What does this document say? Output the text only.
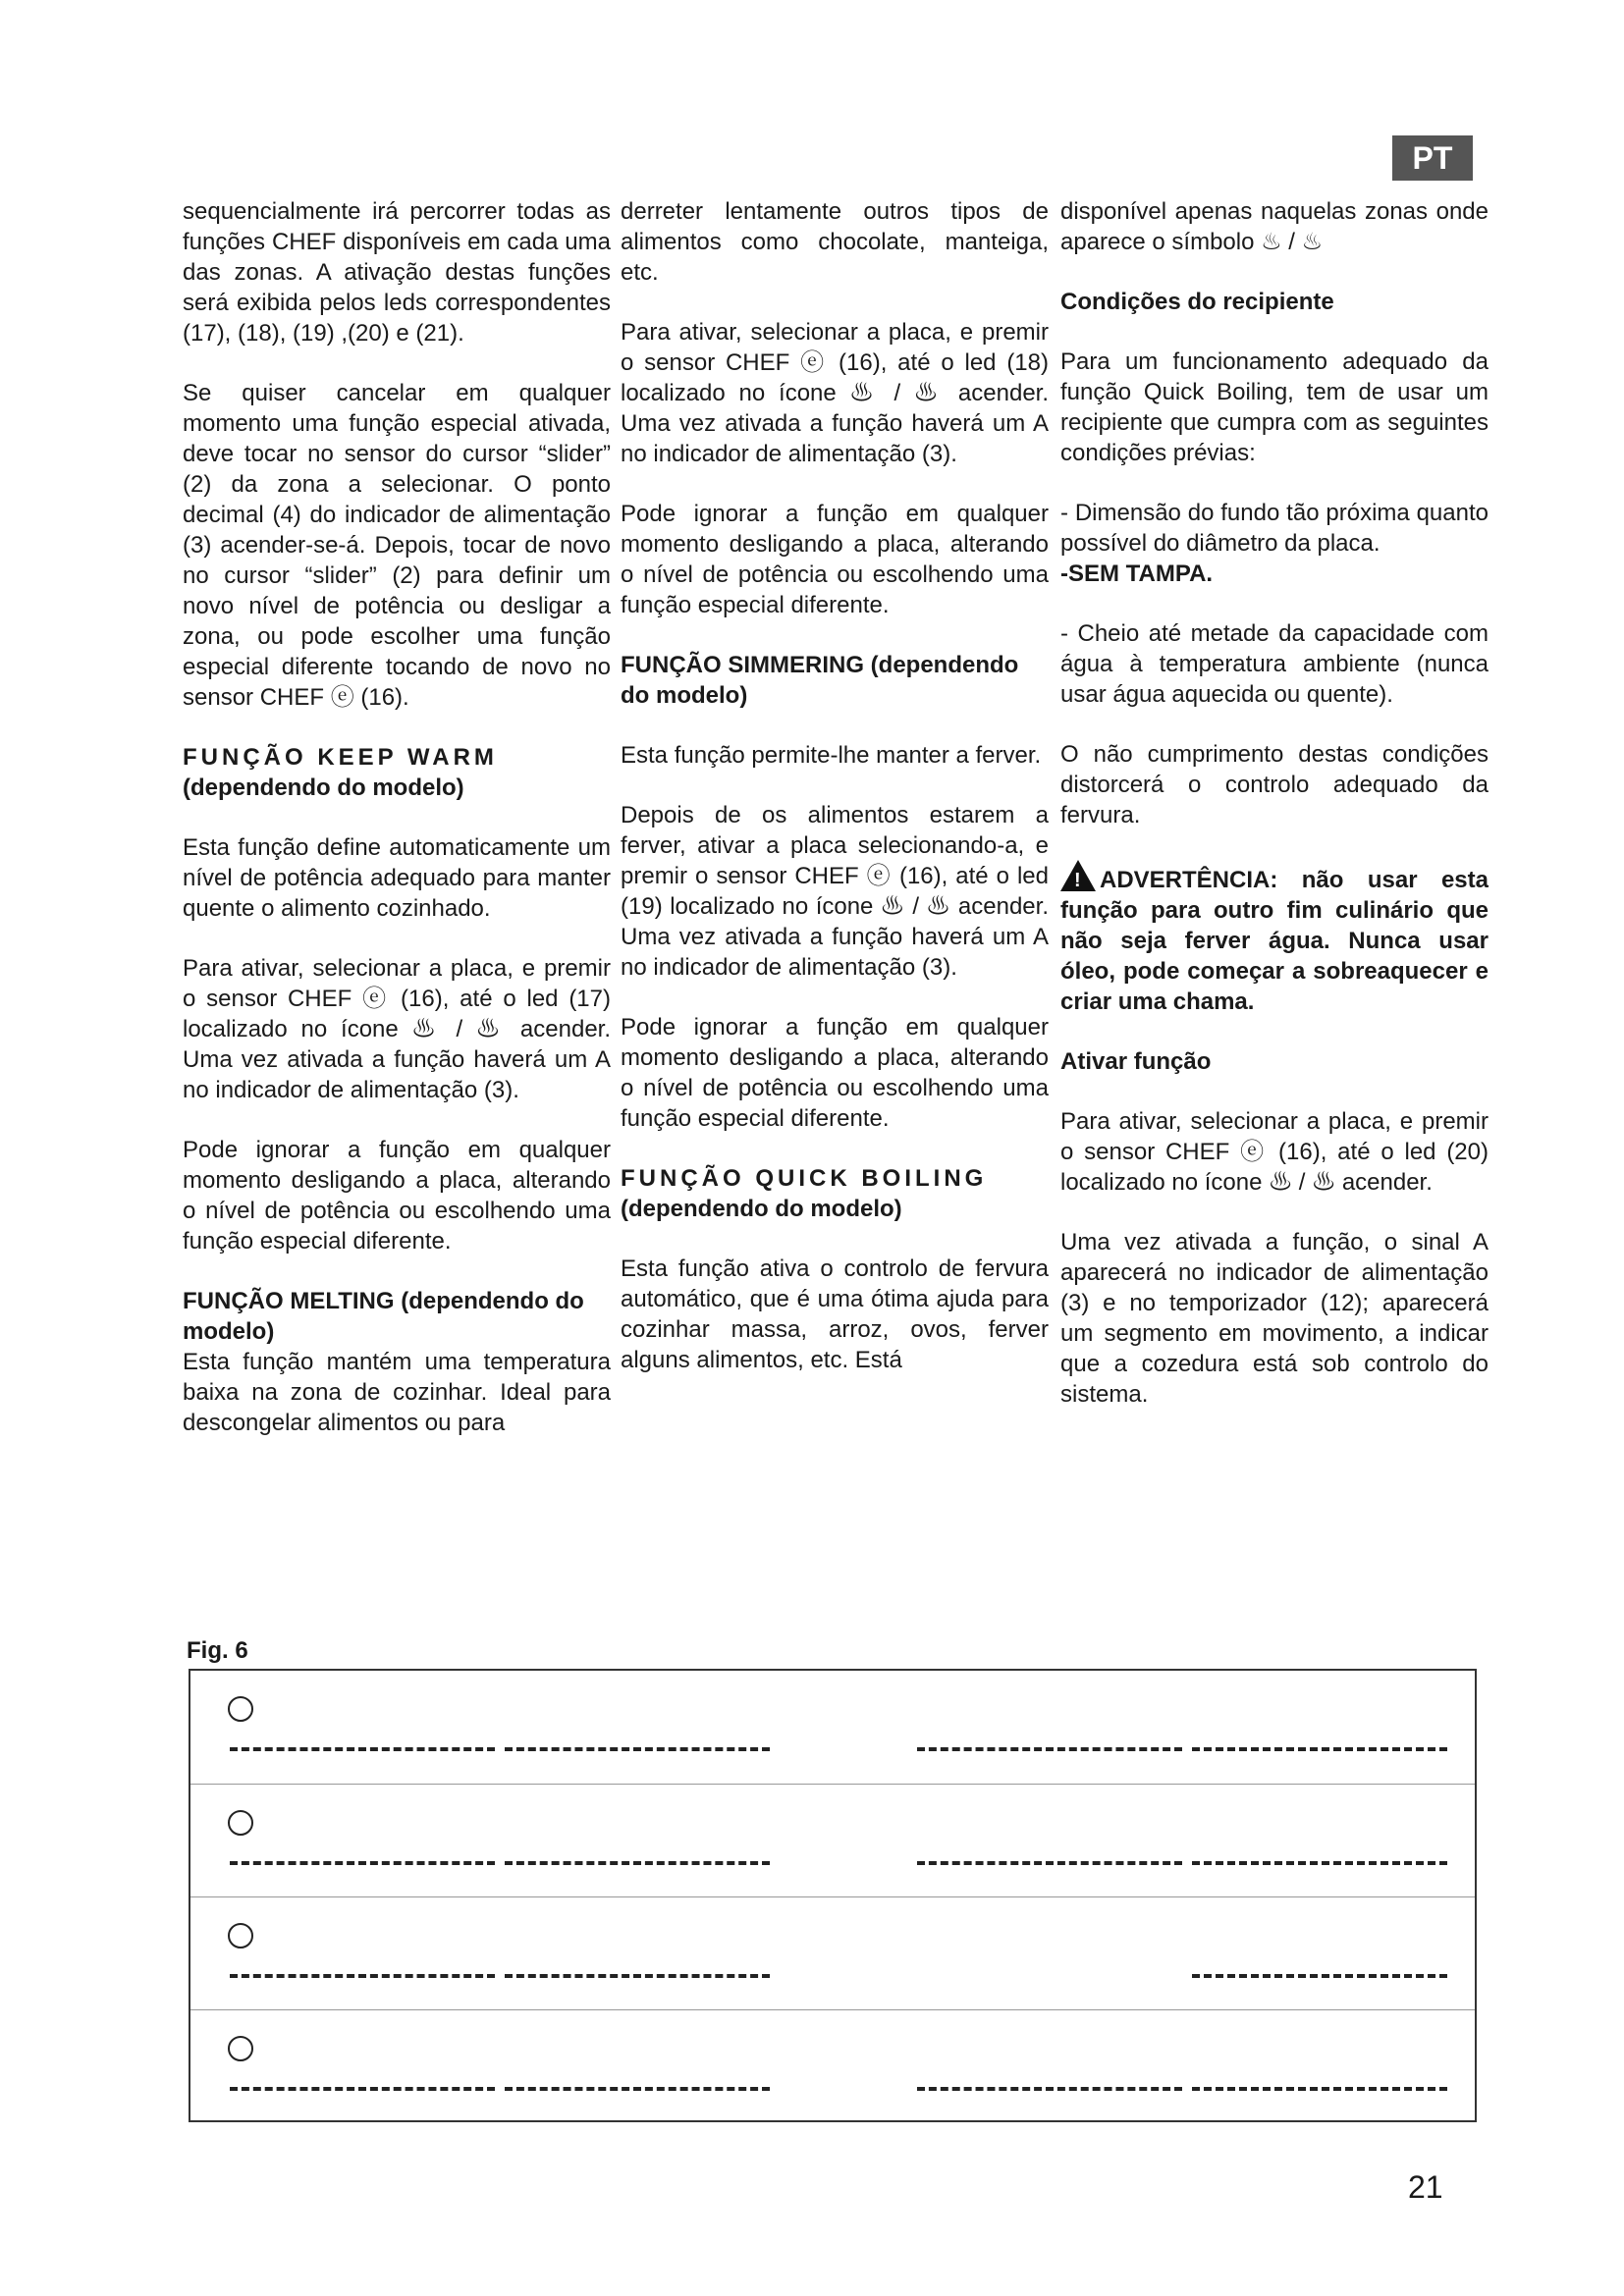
PT

sequencialmente irá percorrer todas as funções CHEF disponíveis em cada uma das zonas. A ativação destas funções será exibida pelos leds correspondentes (17), (18), (19) ,(20) e (21).

Se quiser cancelar em qualquer momento uma função especial ativada, deve tocar no sensor do cursor “slider” (2) da zona a selecionar. O ponto decimal (4) do indicador de alimentação (3) acender-se-á. Depois, tocar de novo no cursor “slider” (2) para definir um novo nível de potência ou desligar a zona, ou pode escolher uma função especial diferente tocando de novo no sensor CHEF ⓔ (16).

FUNÇÃO KEEP WARM
(dependendo do modelo)

Esta função define automaticamente um nível de potência adequado para manter quente o alimento cozinhado.

Para ativar, selecionar a placa, e premir o sensor CHEF ⓔ (16), até o led (17) localizado no ícone ♨ / ♨ acender. Uma vez ativada a função haverá um A no indicador de alimentação (3).

Pode ignorar a função em qualquer momento desligando a placa, alterando o nível de potência ou escolhendo uma função especial diferente.

FUNÇÃO MELTING (dependendo do modelo)

Esta função mantém uma temperatura baixa na zona de cozinhar. Ideal para descongelar alimentos ou para

derreter lentamente outros tipos de alimentos como chocolate, manteiga, etc.

Para ativar, selecionar a placa, e premir o sensor CHEF ⓔ (16), até o led (18) localizado no ícone ♨ / ♨ acender. Uma vez ativada a função haverá um A no indicador de alimentação (3).

Pode ignorar a função em qualquer momento desligando a placa, alterando o nível de potência ou escolhendo uma função especial diferente.

FUNÇÃO SIMMERING (dependendo do modelo)

Esta função permite-lhe manter a ferver.

Depois de os alimentos estarem a ferver, ativar a placa selecionando-a, e premir o sensor CHEF ⓔ (16), até o led (19) localizado no ícone ♨ / ♨ acender. Uma vez ativada a função haverá um A no indicador de alimentação (3).

Pode ignorar a função em qualquer momento desligando a placa, alterando o nível de potência ou escolhendo uma função especial diferente.

FUNÇÃO QUICK BOILING
(dependendo do modelo)

Esta função ativa o controlo de fervura automático, que é uma ótima ajuda para cozinhar massa, arroz, ovos, ferver alguns alimentos, etc. Está

disponível apenas naquelas zonas onde aparece o símbolo ♨ / ♨

Condições do recipiente

Para um funcionamento adequado da função Quick Boiling, tem de usar um recipiente que cumpra com as seguintes condições prévias:

- Dimensão do fundo tão próxima quanto possível do diâmetro da placa.

-SEM TAMPA.

- Cheio até metade da capacidade com água à temperatura ambiente (nunca usar água aquecida ou quente).

O não cumprimento destas condições distorcerá o controlo adequado da fervura.

!ADVERTÊNCIA: não usar esta função para outro fim culinário que não seja ferver água. Nunca usar óleo, pode começar a sobreaquecer e criar uma chama.

Ativar função

Para ativar, selecionar a placa, e premir o sensor CHEF ⓔ (16), até o led (20) localizado no ícone ♨ / ♨ acender.

Uma vez ativada a função, o sinal A aparecerá no indicador de alimentação (3) e no temporizador (12); aparecerá um segmento em movimento, a indicar que a cozedura está sob controlo do sistema.

Fig. 6
21
